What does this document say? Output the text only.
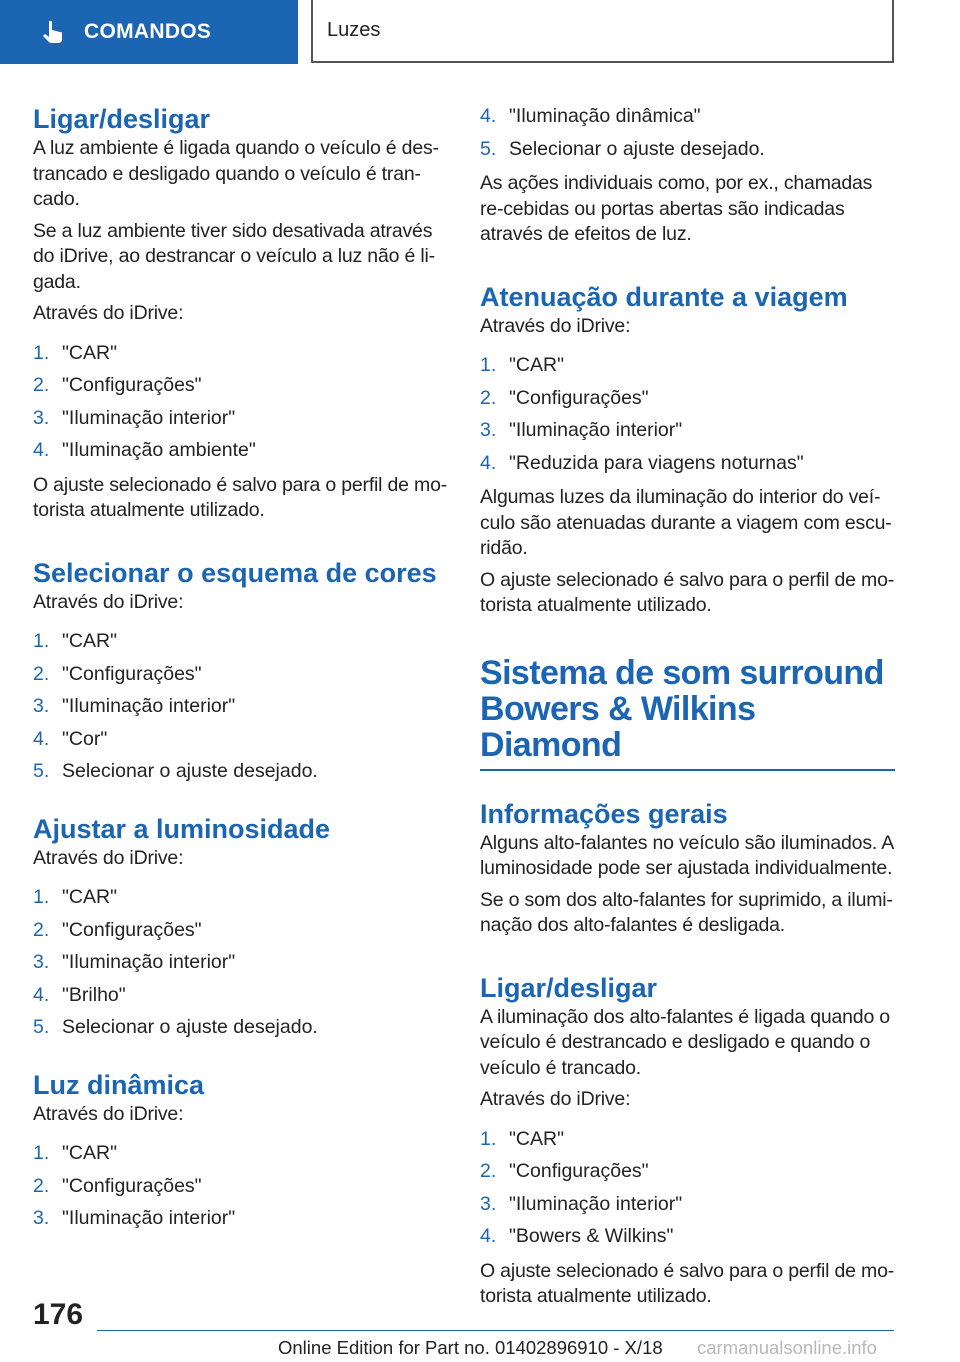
COMANDOS	Luzes
Ligar/desligar

A luz ambiente é ligada quando o veículo é des-trancado e desligado quando o veículo é tran-cado.

Se a luz ambiente tiver sido desativada através do iDrive, ao destrancar o veículo a luz não é li-gada.

Através do iDrive:

1. "CAR"
2. "Configurações"
3. "Iluminação interior"
4. "Iluminação ambiente"

O ajuste selecionado é salvo para o perfil de mo-torista atualmente utilizado.

Selecionar o esquema de cores

Através do iDrive:

1. "CAR"
2. "Configurações"
3. "Iluminação interior"
4. "Cor"
5. Selecionar o ajuste desejado.
Ajustar a luminosidade

Através do iDrive:

1. "CAR"
2. "Configurações"
3. "Iluminação interior"
4. "Brilho"
5. Selecionar o ajuste desejado.
Luz dinâmica

Através do iDrive:

1. "CAR"
2. "Configurações"
3. "Iluminação interior"
4. "Iluminação dinâmica"
5. Selecionar o ajuste desejado.

As ações individuais como, por ex., chamadas re-cebidas ou portas abertas são indicadas através de efeitos de luz.

Atenuação durante a viagem

Através do iDrive:

1. "CAR"
2. "Configurações"
3. "Iluminação interior"
4. "Reduzida para viagens noturnas"

Algumas luzes da iluminação do interior do veí-culo são atenuadas durante a viagem com escu-ridão.

O ajuste selecionado é salvo para o perfil de mo-torista atualmente utilizado.

Sistema de som surround
Bowers & Wilkins Diamond
Informações gerais

Alguns alto-falantes no veículo são iluminados. A luminosidade pode ser ajustada individualmente.

Se o som dos alto-falantes for suprimido, a ilumi-nação dos alto-falantes é desligada.

Ligar/desligar

A iluminação dos alto-falantes é ligada quando o veículo é destrancado e desligado e quando o veículo é trancado.

Através do iDrive:

1. "CAR"
2. "Configurações"
3. "Iluminação interior"
4. "Bowers & Wilkins"

O ajuste selecionado é salvo para o perfil de mo-torista atualmente utilizado.

176
Online Edition for Part no. 01402896910 - X/18 carmanualsonline.info
